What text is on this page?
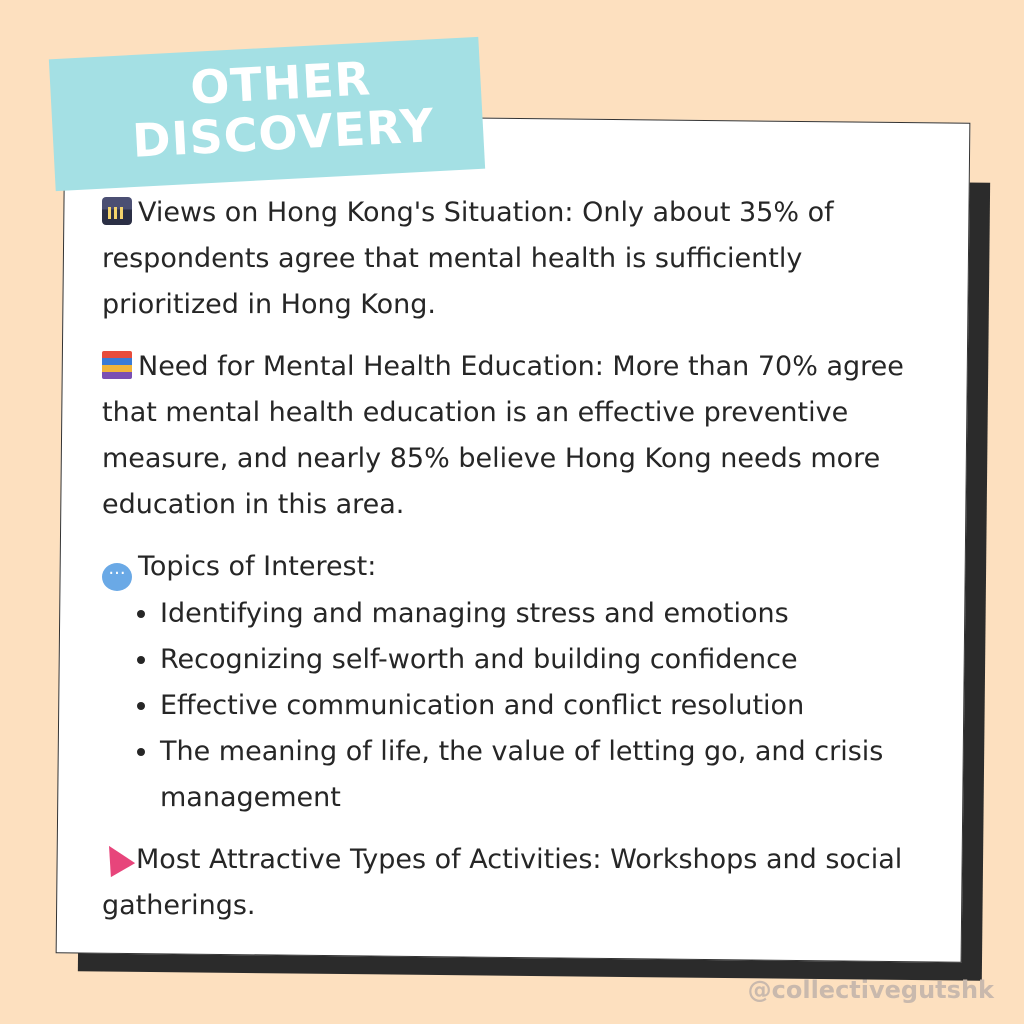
OTHER
DISCOVERY

Views on Hong Kong's Situation: Only about 35% of respondents agree that mental health is sufficiently prioritized in Hong Kong.

Need for Mental Health Education: More than 70% agree that mental health education is an effective preventive measure, and nearly 85% believe Hong Kong needs more education in this area.

··· Topics of Interest:
• Identifying and managing stress and emotions
• Recognizing self-worth and building confidence
• Effective communication and conflict resolution
• The meaning of life, the value of letting go, and crisis management

Most Attractive Types of Activities: Workshops and social gatherings.

@collectivegutshk
